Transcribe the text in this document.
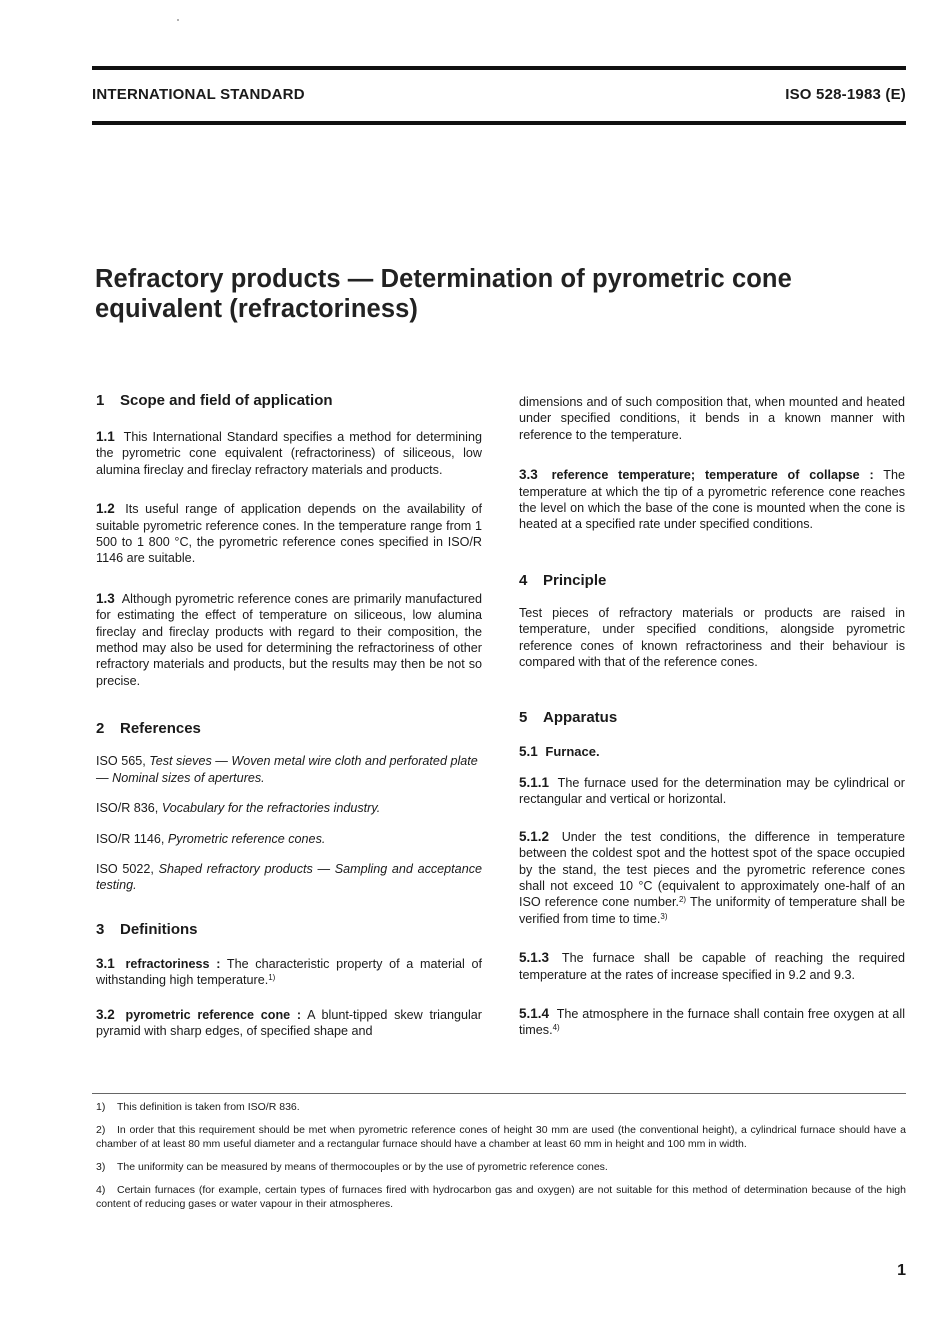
INTERNATIONAL STANDARD	ISO 528-1983 (E)
Refractory products — Determination of pyrometric cone
equivalent (refractoriness)
1 Scope and field of application

1.1 This International Standard specifies a method for determining the pyrometric cone equivalent (refractoriness) of siliceous, low alumina fireclay and fireclay refractory materials and products.

1.2 Its useful range of application depends on the availability of suitable pyrometric reference cones. In the temperature range from 1 500 to 1 800 °C, the pyrometric reference cones specified in ISO/R 1146 are suitable.

1.3 Although pyrometric reference cones are primarily manufactured for estimating the effect of temperature on siliceous, low alumina fireclay and fireclay products with regard to their composition, the method may also be used for determining the refractoriness of other refractory materials and products, but the results may then be not so precise.

2 References

ISO 565, Test sieves — Woven metal wire cloth and perforated plate — Nominal sizes of apertures.

ISO/R 836, Vocabulary for the refractories industry.

ISO/R 1146, Pyrometric reference cones.

ISO 5022, Shaped refractory products — Sampling and acceptance testing.

3 Definitions

3.1 refractoriness : The characteristic property of a material of withstanding high temperature.$^{1)}$

3.2 pyrometric reference cone : A blunt-tipped skew triangular pyramid with sharp edges, of specified shape and

dimensions and of such composition that, when mounted and heated under specified conditions, it bends in a known manner with reference to the temperature.

3.3 reference temperature; temperature of collapse : The temperature at which the tip of a pyrometric reference cone reaches the level on which the base of the cone is mounted when the cone is heated at a specified rate under specified conditions.

4 Principle

Test pieces of refractory materials or products are raised in temperature, under specified conditions, alongside pyrometric reference cones of known refractoriness and their behaviour is compared with that of the reference cones.

5 Apparatus

5.1 Furnace.

5.1.1 The furnace used for the determination may be cylindrical or rectangular and vertical or horizontal.

5.1.2 Under the test conditions, the difference in temperature between the coldest spot and the hottest spot of the space occupied by the stand, the test pieces and the pyrometric reference cones shall not exceed 10 °C (equivalent to approximately one-half of an ISO reference cone number.$^{2)}$ The uniformity of temperature shall be verified from time to time.$^{3)}$

5.1.3 The furnace shall be capable of reaching the required temperature at the rates of increase specified in 9.2 and 9.3.

5.1.4 The atmosphere in the furnace shall contain free oxygen at all times.$^{4)}$

1) This definition is taken from ISO/R 836.

2) In order that this requirement should be met when pyrometric reference cones of height 30 mm are used (the conventional height), a cylindrical furnace should have a chamber of at least 80 mm useful diameter and a rectangular furnace should have a chamber at least 60 mm in height and 100 mm in width.

3) The uniformity can be measured by means of thermocouples or by the use of pyrometric reference cones.

4) Certain furnaces (for example, certain types of furnaces fired with hydrocarbon gas and oxygen) are not suitable for this method of determination because of the high content of reducing gases or water vapour in their atmospheres.

1
